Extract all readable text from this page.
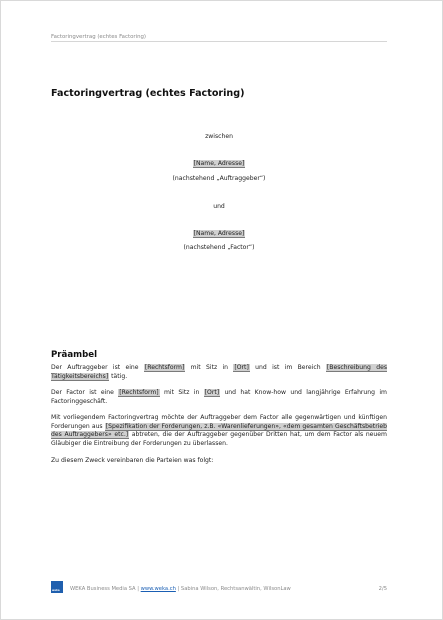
Factoringvertrag (echtes Factoring)
Factoringvertrag (echtes Factoring)
zwischen
[Name, Adresse]
(nachstehend „Auftraggeber“)
und
[Name, Adresse]
(nachstehend „Factor“)
Präambel

Der Auftraggeber ist eine [Rechtsform] mit Sitz in [Ort] und ist im Bereich [Beschreibung des Tätigkeitsbereichs] tätig.

Der Factor ist eine [Rechtsform] mit Sitz in [Ort] und hat Know-how und langjährige Erfahrung im Factoringgeschäft.

Mit vorliegendem Factoringvertrag möchte der Auftraggeber dem Factor alle gegenwärtigen und künftigen Forderungen aus [Spezifikation der Forderungen, z.B. «Warenlieferungen», «dem gesamten Geschäftsbetrieb des Auftraggebers» etc.] abtreten, die der Auftraggeber gegenüber Dritten hat, um dem Factor als neuem Gläubiger die Eintreibung der Forderungen zu überlassen.

Zu diesem Zweck vereinbaren die Parteien was folgt:

weka WEKA Business Media SA | www.weka.ch | Sabina Wilson, Rechtsanwältin, WilsonLaw	2/5
